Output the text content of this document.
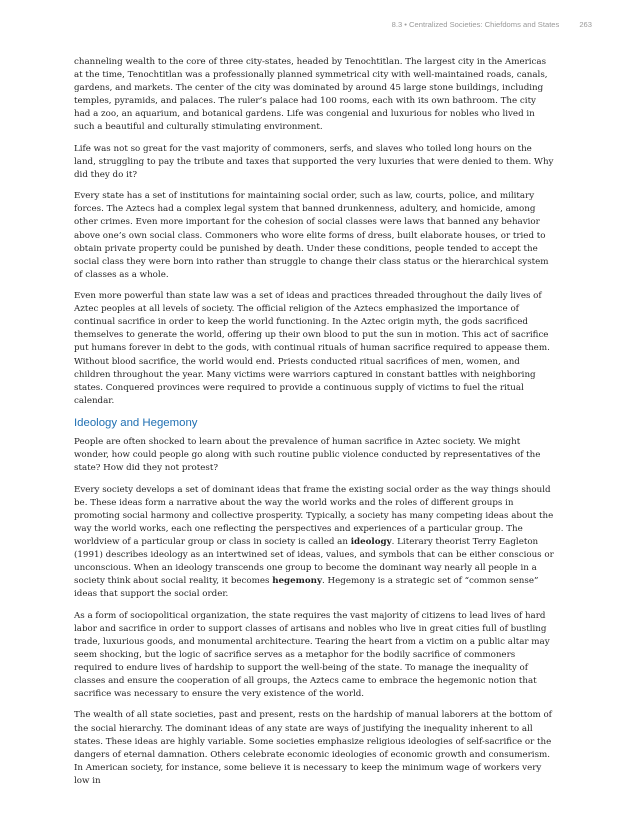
8.3 • Centralized Societies: Chiefdoms and States	263

channeling wealth to the core of three city-states, headed by Tenochtitlan. The largest city in the Americas at the time, Tenochtitlan was a professionally planned symmetrical city with well-maintained roads, canals, gardens, and markets. The center of the city was dominated by around 45 large stone buildings, including temples, pyramids, and palaces. The ruler’s palace had 100 rooms, each with its own bathroom. The city had a zoo, an aquarium, and botanical gardens. Life was congenial and luxurious for nobles who lived in such a beautiful and culturally stimulating environment.

Life was not so great for the vast majority of commoners, serfs, and slaves who toiled long hours on the land, struggling to pay the tribute and taxes that supported the very luxuries that were denied to them. Why did they do it?

Every state has a set of institutions for maintaining social order, such as law, courts, police, and military forces. The Aztecs had a complex legal system that banned drunkenness, adultery, and homicide, among other crimes. Even more important for the cohesion of social classes were laws that banned any behavior above one’s own social class. Commoners who wore elite forms of dress, built elaborate houses, or tried to obtain private property could be punished by death. Under these conditions, people tended to accept the social class they were born into rather than struggle to change their class status or the hierarchical system of classes as a whole.

Even more powerful than state law was a set of ideas and practices threaded throughout the daily lives of Aztec peoples at all levels of society. The official religion of the Aztecs emphasized the importance of continual sacrifice in order to keep the world functioning. In the Aztec origin myth, the gods sacrificed themselves to generate the world, offering up their own blood to put the sun in motion. This act of sacrifice put humans forever in debt to the gods, with continual rituals of human sacrifice required to appease them. Without blood sacrifice, the world would end. Priests conducted ritual sacrifices of men, women, and children throughout the year. Many victims were warriors captured in constant battles with neighboring states. Conquered provinces were required to provide a continuous supply of victims to fuel the ritual calendar.

Ideology and Hegemony

People are often shocked to learn about the prevalence of human sacrifice in Aztec society. We might wonder, how could people go along with such routine public violence conducted by representatives of the state? How did they not protest?

Every society develops a set of dominant ideas that frame the existing social order as the way things should be. These ideas form a narrative about the way the world works and the roles of different groups in promoting social harmony and collective prosperity. Typically, a society has many competing ideas about the way the world works, each one reflecting the perspectives and experiences of a particular group. The worldview of a particular group or class in society is called an ideology. Literary theorist Terry Eagleton (1991) describes ideology as an intertwined set of ideas, values, and symbols that can be either conscious or unconscious. When an ideology transcends one group to become the dominant way nearly all people in a society think about social reality, it becomes hegemony. Hegemony is a strategic set of “common sense” ideas that support the social order.

As a form of sociopolitical organization, the state requires the vast majority of citizens to lead lives of hard labor and sacrifice in order to support classes of artisans and nobles who live in great cities full of bustling trade, luxurious goods, and monumental architecture. Tearing the heart from a victim on a public altar may seem shocking, but the logic of sacrifice serves as a metaphor for the bodily sacrifice of commoners required to endure lives of hardship to support the well-being of the state. To manage the inequality of classes and ensure the cooperation of all groups, the Aztecs came to embrace the hegemonic notion that sacrifice was necessary to ensure the very existence of the world.

The wealth of all state societies, past and present, rests on the hardship of manual laborers at the bottom of the social hierarchy. The dominant ideas of any state are ways of justifying the inequality inherent to all states. These ideas are highly variable. Some societies emphasize religious ideologies of self-sacrifice or the dangers of eternal damnation. Others celebrate economic ideologies of economic growth and consumerism. In American society, for instance, some believe it is necessary to keep the minimum wage of workers very low in
